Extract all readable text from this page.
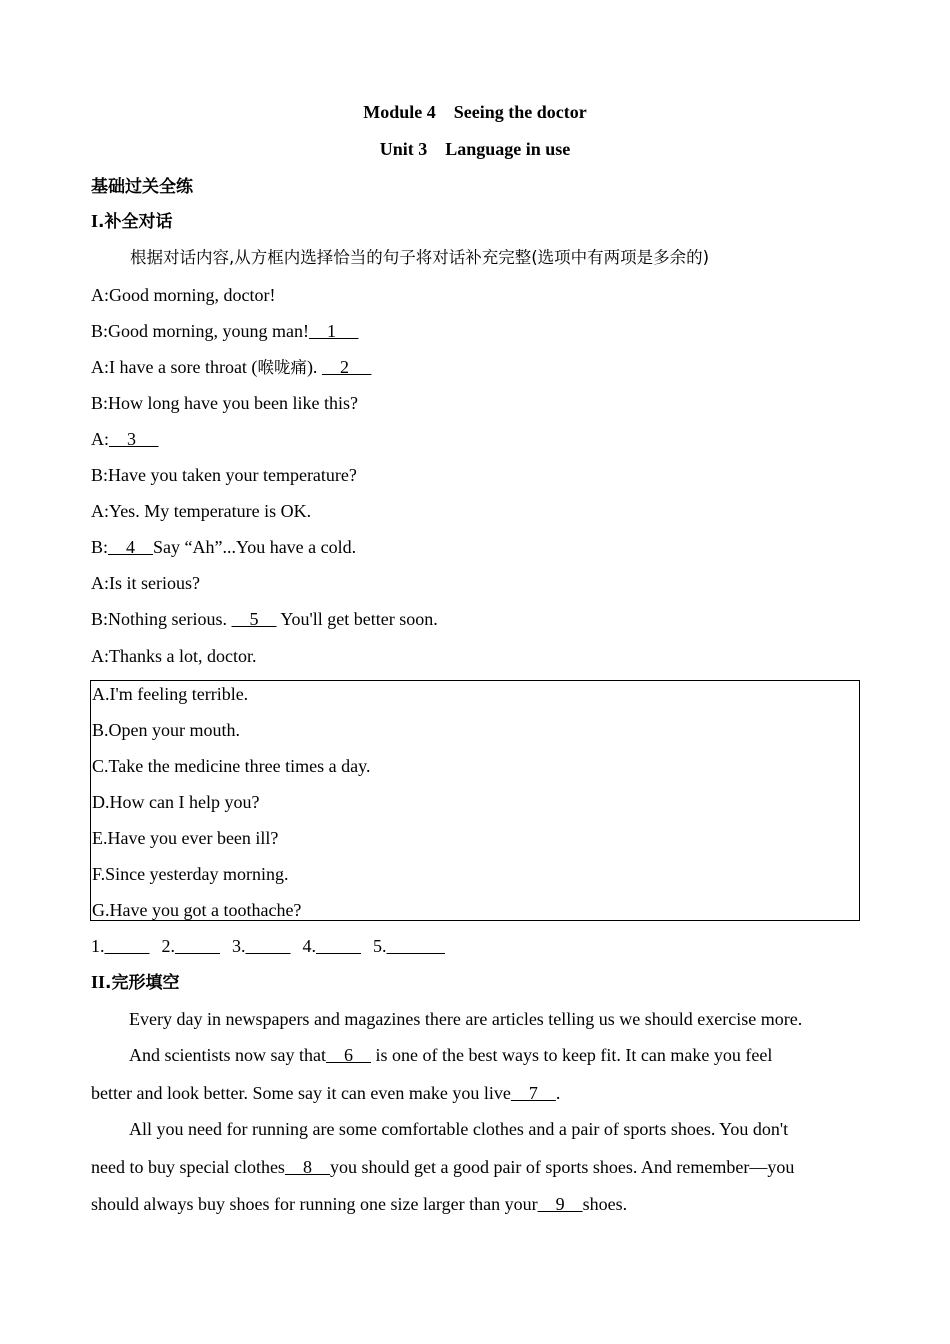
Module 4　Seeing the doctor
Unit 3　Language in use
基础过关全练
I.补全对话
根据对话内容,从方框内选择恰当的句子将对话补充完整(选项中有两项是多余的)
A:Good morning, doctor!
B:Good morning, young man!    1
A:I have a sore throat (喉咙痛).     2
B:How long have you been like this?
A:    3
B:Have you taken your temperature?
A:Yes. My temperature is OK.
B:    4    Say “Ah”...You have a cold.
A:Is it serious?
B:Nothing serious.     5     You'll get better soon.
A:Thanks a lot, doctor.
A.I'm feeling terrible.
B.Open your mouth.
C.Take the medicine three times a day.
D.How can I help you?
E.Have you ever been ill?
F.Since yesterday morning.
G.Have you got a toothache?
1.	2.	3.	4.	5.
II.完形填空
Every day in newspapers and magazines there are articles telling us we should exercise more.
And scientists now say that    6     is one of the best ways to keep fit. It can make you feel
better and look better. Some say it can even make you live    7    .
All you need for running are some comfortable clothes and a pair of sports shoes. You don't
need to buy special clothes    8    you should get a good pair of sports shoes. And remember—you
should always buy shoes for running one size larger than your    9    shoes.
